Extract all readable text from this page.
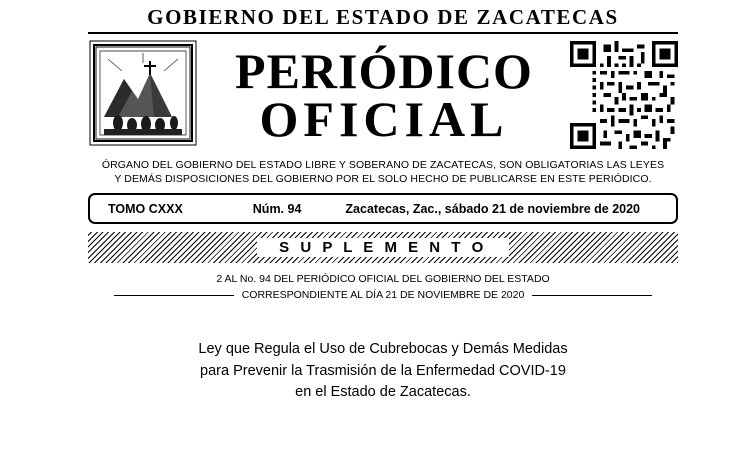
GOBIERNO DEL ESTADO DE ZACATECAS
PERIÓDICO
OFICIAL
ÓRGANO DEL GOBIERNO DEL ESTADO LIBRE Y SOBERANO DE ZACATECAS, SON OBLIGATORIAS LAS LEYES
Y DEMÁS DISPOSICIONES DEL GOBIERNO POR EL SOLO HECHO DE PUBLICARSE EN ESTE PERIÓDICO.
TOMO CXXX	Núm. 94	Zacatecas, Zac., sábado 21 de noviembre de 2020
S U P L E M E N T O
2 AL No. 94 DEL PERIÓDICO OFICIAL DEL GOBIERNO DEL ESTADO
CORRESPONDIENTE AL DÍA 21 DE NOVIEMBRE DE 2020
Ley que Regula el Uso de Cubrebocas y Demás Medidas
para Prevenir la Trasmisión de la Enfermedad COVID-19
en el Estado de Zacatecas.
